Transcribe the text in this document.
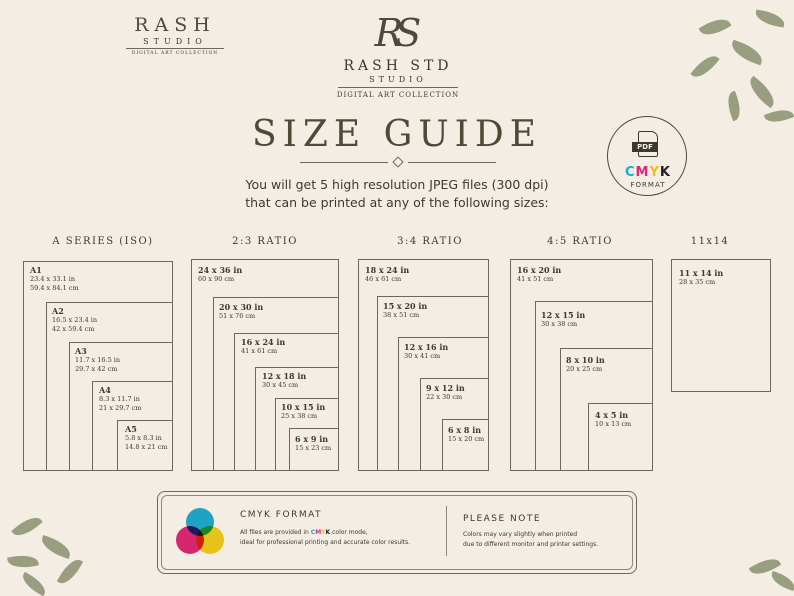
RASH
STUDIO
DIGITAL ART COLLECTION	RS
RASH STD
STUDIO
DIGITAL ART COLLECTION
SIZE GUIDE
You will get 5 high resolution JPEG files (300 dpi)
that can be printed at any of the following sizes:
PDF
CMYK
FORMAT
A SERIES (ISO)	2:3 RATIO	3:4 RATIO	4:5 RATIO	11x14
A1
23.4 x 33.1 in
59.4 x 84.1 cm
A2
16.5 x 23.4 in
42 x 59.4 cm
A3
11.7 x 16.5 in
29.7 x 42 cm
A4
8.3 x 11.7 in
21 x 29.7 cm
A5
5.8 x 8.3 in
14.8 x 21 cm
24 x 36 in
60 x 90 cm
20 x 30 in
51 x 76 cm
16 x 24 in
41 x 61 cm
12 x 18 in
30 x 45 cm
10 x 15 in
25 x 38 cm
6 x 9 in
15 x 23 cm
18 x 24 in
46 x 61 cm
15 x 20 in
38 x 51 cm
12 x 16 in
30 x 41 cm
9 x 12 in
22 x 30 cm
6 x 8 in
15 x 20 cm
16 x 20 in
41 x 51 cm
12 x 15 in
30 x 38 cm
8 x 10 in
20 x 25 cm
4 x 5 in
10 x 13 cm
11 x 14 in
28 x 35 cm
CMYK FORMAT
All files are provided in CMYK color mode,
ideal for professional printing and accurate color results.
PLEASE NOTE
Colors may vary slightly when printed
due to different monitor and printer settings.
